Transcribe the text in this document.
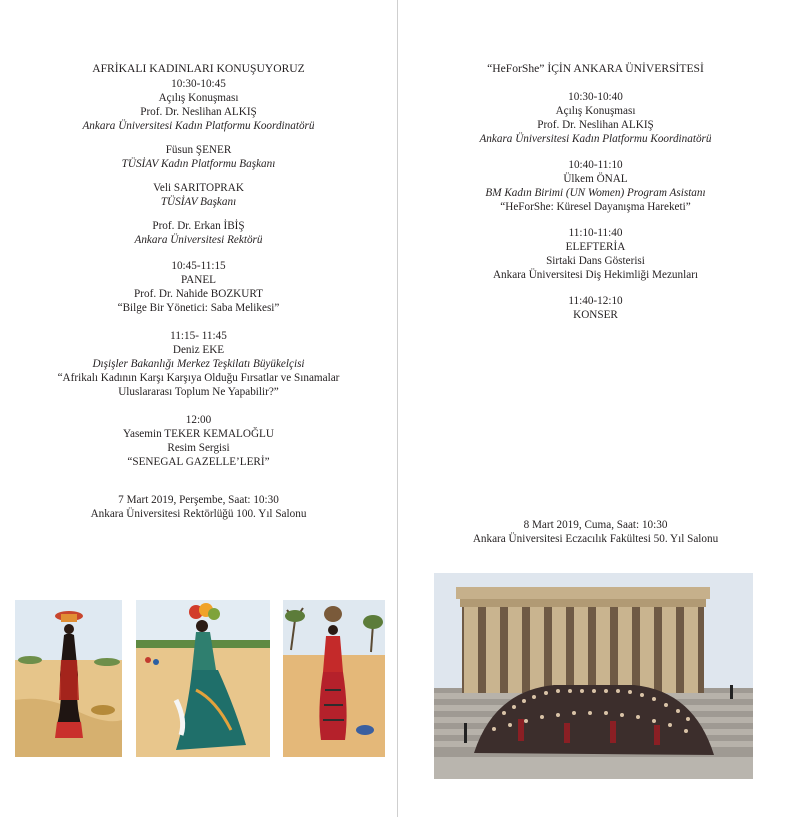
AFRİKALI KADINLARI KONUŞUYORUZ
10:30-10:45
Açılış Konuşması
Prof. Dr. Neslihan ALKIŞ
Ankara Üniversitesi Kadın Platformu Koordinatörü
Füsun ŞENER
TÜSİAV Kadın Platformu Başkanı
Veli SARITOPRAK
TÜSİAV Başkanı
Prof. Dr. Erkan İBİŞ
Ankara Üniversitesi Rektörü
10:45-11:15
PANEL
Prof. Dr. Nahide BOZKURT
“Bilge Bir Yönetici: Saba Melikesi”
11:15- 11:45
Deniz EKE
Dışişler Bakanlığı Merkez Teşkilatı Büyükelçisi
“Afrikalı Kadının Karşı Karşıya Olduğu Fırsatlar ve Sınamalar
Uluslararası Toplum Ne Yapabilir?”
12:00
Yasemin TEKER KEMALOĞLU
Resim Sergisi
“SENEGAL GAZELLE’LERİ”
7 Mart 2019, Perşembe, Saat: 10:30
Ankara Üniversitesi Rektörlüğü 100. Yıl Salonu
“HeForShe” İÇİN ANKARA ÜNİVERSİTESİ
10:30-10:40
Açılış Konuşması
Prof. Dr. Neslihan ALKIŞ
Ankara Üniversitesi Kadın Platformu Koordinatörü
10:40-11:10
Ülkem ÖNAL
BM Kadın Birimi (UN Women) Program Asistanı
“HeForShe: Küresel Dayanışma Hareketi”
11:10-11:40
ELEFTERİA
Sirtaki Dans Gösterisi
Ankara Üniversitesi Diş Hekimliği Mezunları
11:40-12:10
KONSER
8 Mart 2019, Cuma, Saat: 10:30
Ankara Üniversitesi Eczacılık Fakültesi 50. Yıl Salonu
